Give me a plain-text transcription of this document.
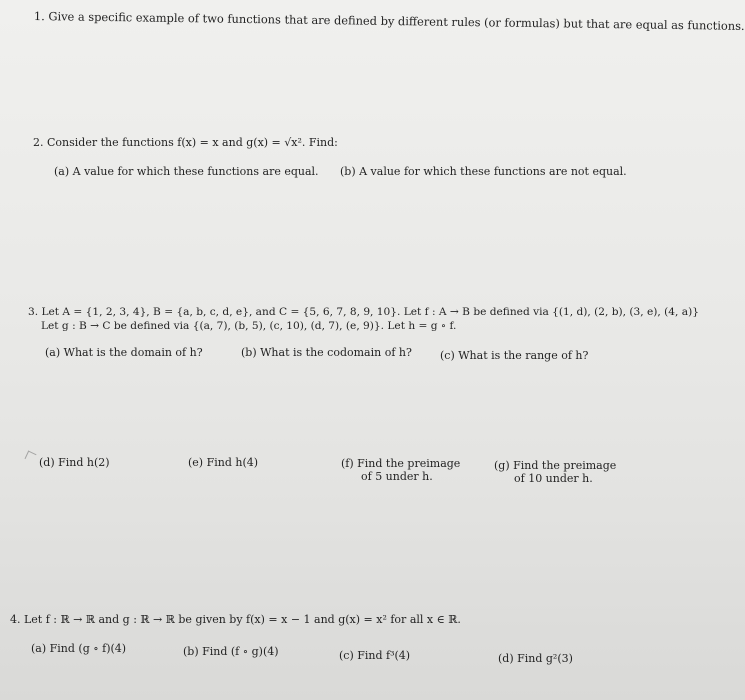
1. Give a specific example of two functions that are defined by different rules (or formulas) but that are equal as functions.
2. Consider the functions f(x) = x and g(x) = √x². Find:
(a) A value for which these functions are equal. (b) A value for which these functions are not equal.
3. Let A = {1, 2, 3, 4}, B = {a, b, c, d, e}, and C = {5, 6, 7, 8, 9, 10}. Let f : A → B be defined via {(1, d), (2, b), (3, e), (4, a)}
Let g : B → C be defined via {(a, 7), (b, 5), (c, 10), (d, 7), (e, 9)}. Let h = g ∘ f.
(a) What is the domain of h?	(b) What is the codomain of h?	(c) What is the range of h?
(d) Find h(2)	(e) Find h(4)	(f) Find the preimage
of 5 under h.
(g) Find the preimage
of 10 under h.
4. Let f : ℝ → ℝ and g : ℝ → ℝ be given by f(x) = x − 1 and g(x) = x² for all x ∈ ℝ.
(a) Find (g ∘ f)(4)	(b) Find (f ∘ g)(4)	(c) Find f³(4)	(d) Find g²(3)
